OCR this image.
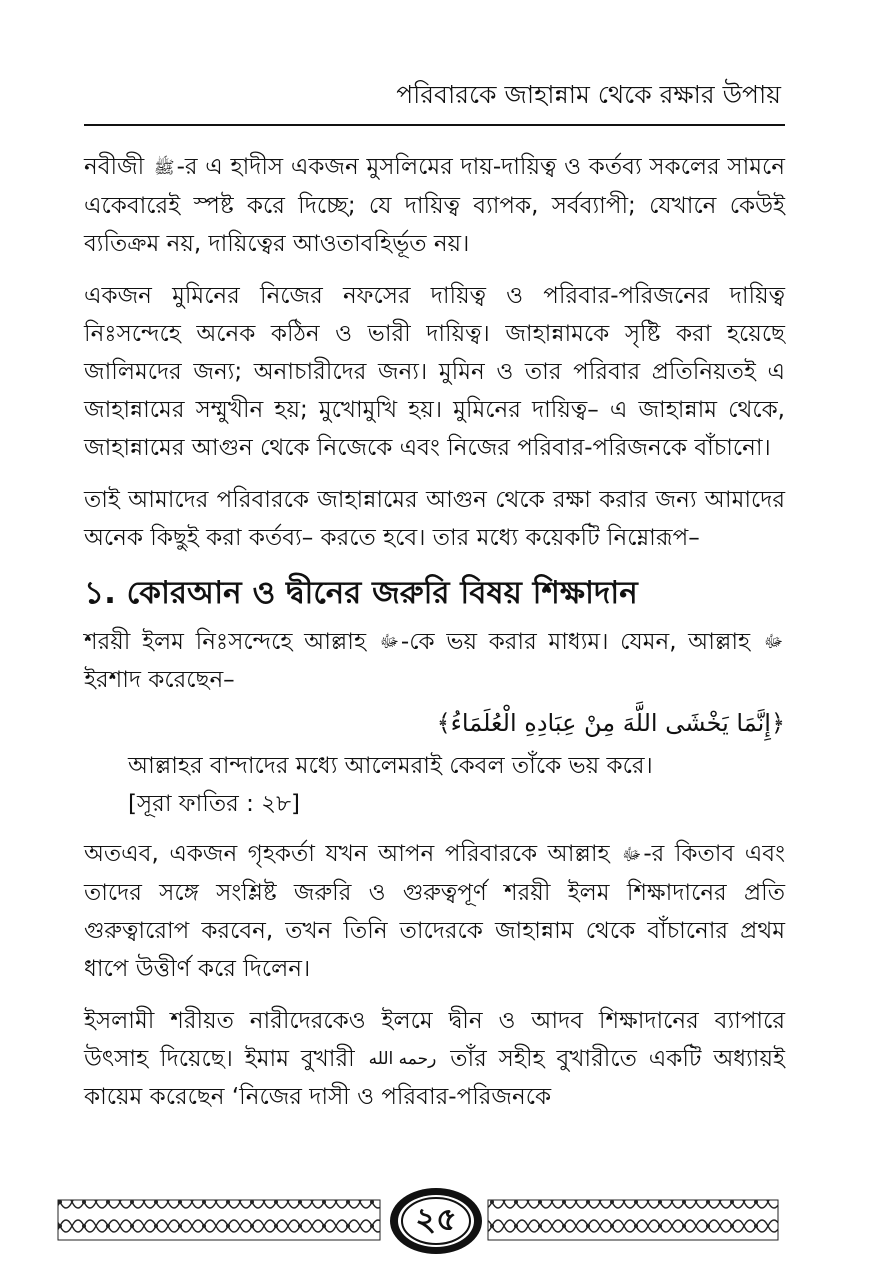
পরিবারকে জাহান্নাম থেকে রক্ষার উপায়

নবীজী ﷺ-র এ হাদীস একজন মুসলিমের দায়-দায়িত্ব ও কর্তব্য সকলের সামনে একেবারেই স্পষ্ট করে দিচ্ছে; যে দায়িত্ব ব্যাপক, সর্বব্যাপী; যেখানে কেউই ব্যতিক্রম নয়, দায়িত্বের আওতাবহির্ভূত নয়।

একজন মুমিনের নিজের নফসের দায়িত্ব ও পরিবার-পরিজনের দায়িত্ব নিঃসন্দেহে অনেক কঠিন ও ভারী দায়িত্ব। জাহান্নামকে সৃষ্টি করা হয়েছে জালিমদের জন্য; অনাচারীদের জন্য। মুমিন ও তার পরিবার প্রতিনিয়তই এ জাহান্নামের সম্মুখীন হয়; মুখোমুখি হয়। মুমিনের দায়িত্ব– এ জাহান্নাম থেকে, জাহান্নামের আগুন থেকে নিজেকে এবং নিজের পরিবার-পরিজনকে বাঁচানো।

তাই আমাদের পরিবারকে জাহান্নামের আগুন থেকে রক্ষা করার জন্য আমাদের অনেক কিছুই করা কর্তব্য– করতে হবে। তার মধ্যে কয়েকটি নিম্নোরূপ–

১. কোরআন ও দ্বীনের জরুরি বিষয় শিক্ষাদান

শরয়ী ইলম নিঃসন্দেহে আল্লাহ ﷻ-কে ভয় করার মাধ্যম। যেমন, আল্লাহ ﷻ ইরশাদ করেছেন–

﴿إِنَّمَا يَخْشَى اللَّهَ مِنْ عِبَادِهِ الْعُلَمَاءُ﴾
আল্লাহর বান্দাদের মধ্যে আলেমরাই কেবল তাঁকে ভয় করে।
[সূরা ফাতির : ২৮]

অতএব, একজন গৃহকর্তা যখন আপন পরিবারকে আল্লাহ ﷻ-র কিতাব এবং তাদের সঙ্গে সংশ্লিষ্ট জরুরি ও গুরুত্বপূর্ণ শরয়ী ইলম শিক্ষাদানের প্রতি গুরুত্বারোপ করবেন, তখন তিনি তাদেরকে জাহান্নাম থেকে বাঁচানোর প্রথম ধাপে উত্তীর্ণ করে দিলেন।

ইসলামী শরীয়ত নারীদেরকেও ইলমে দ্বীন ও আদব শিক্ষাদানের ব্যাপারে উৎসাহ দিয়েছে। ইমাম বুখারী رحمه الله তাঁর সহীহ বুখারীতে একটি অধ্যায়ই কায়েম করেছেন ‘নিজের দাসী ও পরিবার-পরিজনকে

২৫
